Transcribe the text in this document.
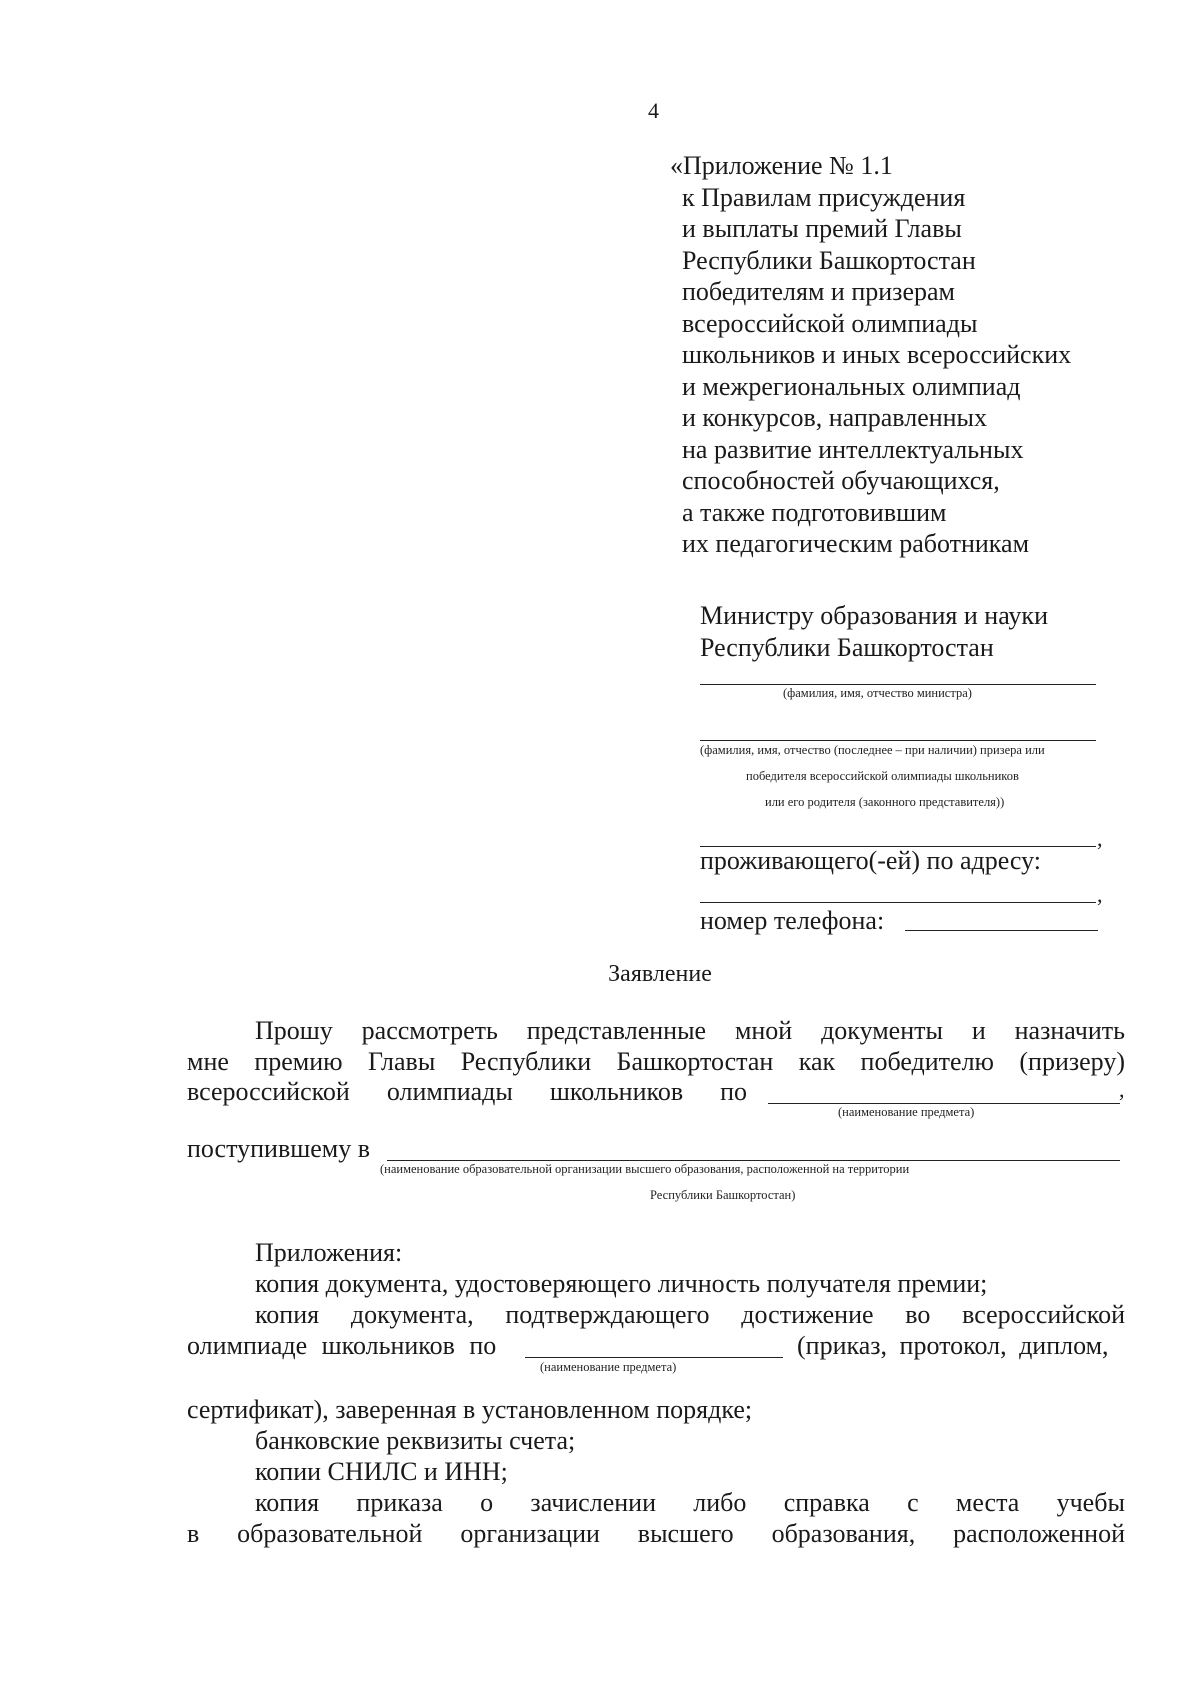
4
«Приложение № 1.1
к Правилам присуждения
и выплаты премий Главы
Республики Башкортостан
победителям и призерам
всероссийской олимпиады
школьников и иных всероссийских
и межрегиональных олимпиад
и конкурсов, направленных
на развитие интеллектуальных
способностей обучающихся,
а также подготовившим
их педагогическим работникам
Министру образования и науки
Республики Башкортостан
(фамилия, имя, отчество министра)
(фамилия, имя, отчество (последнее – при наличии) призера или
победителя всероссийской олимпиады школьников
или его родителя (законного представителя))
,
проживающего(-ей) по адресу:
,
номер телефона:
Заявление
Прошу рассмотреть представленные мной документы и назначить
мне премию Главы Республики Башкортостан как победителю (призеру)
всероссийской олимпиады школьников по	,
(наименование предмета)
поступившему в
(наименование образовательной организации высшего образования, расположенной на территории
Республики Башкортостан)
Приложения:
копия документа, удостоверяющего личность получателя премии;
копия документа, подтверждающего достижение во всероссийской
олимпиаде школьников по	(приказ, протокол, диплом,
(наименование предмета)
сертификат), заверенная в установленном порядке;
банковские реквизиты счета;
копии СНИЛС и ИНН;
копия приказа о зачислении либо справка с места учебы
в образовательной организации высшего образования, расположенной
